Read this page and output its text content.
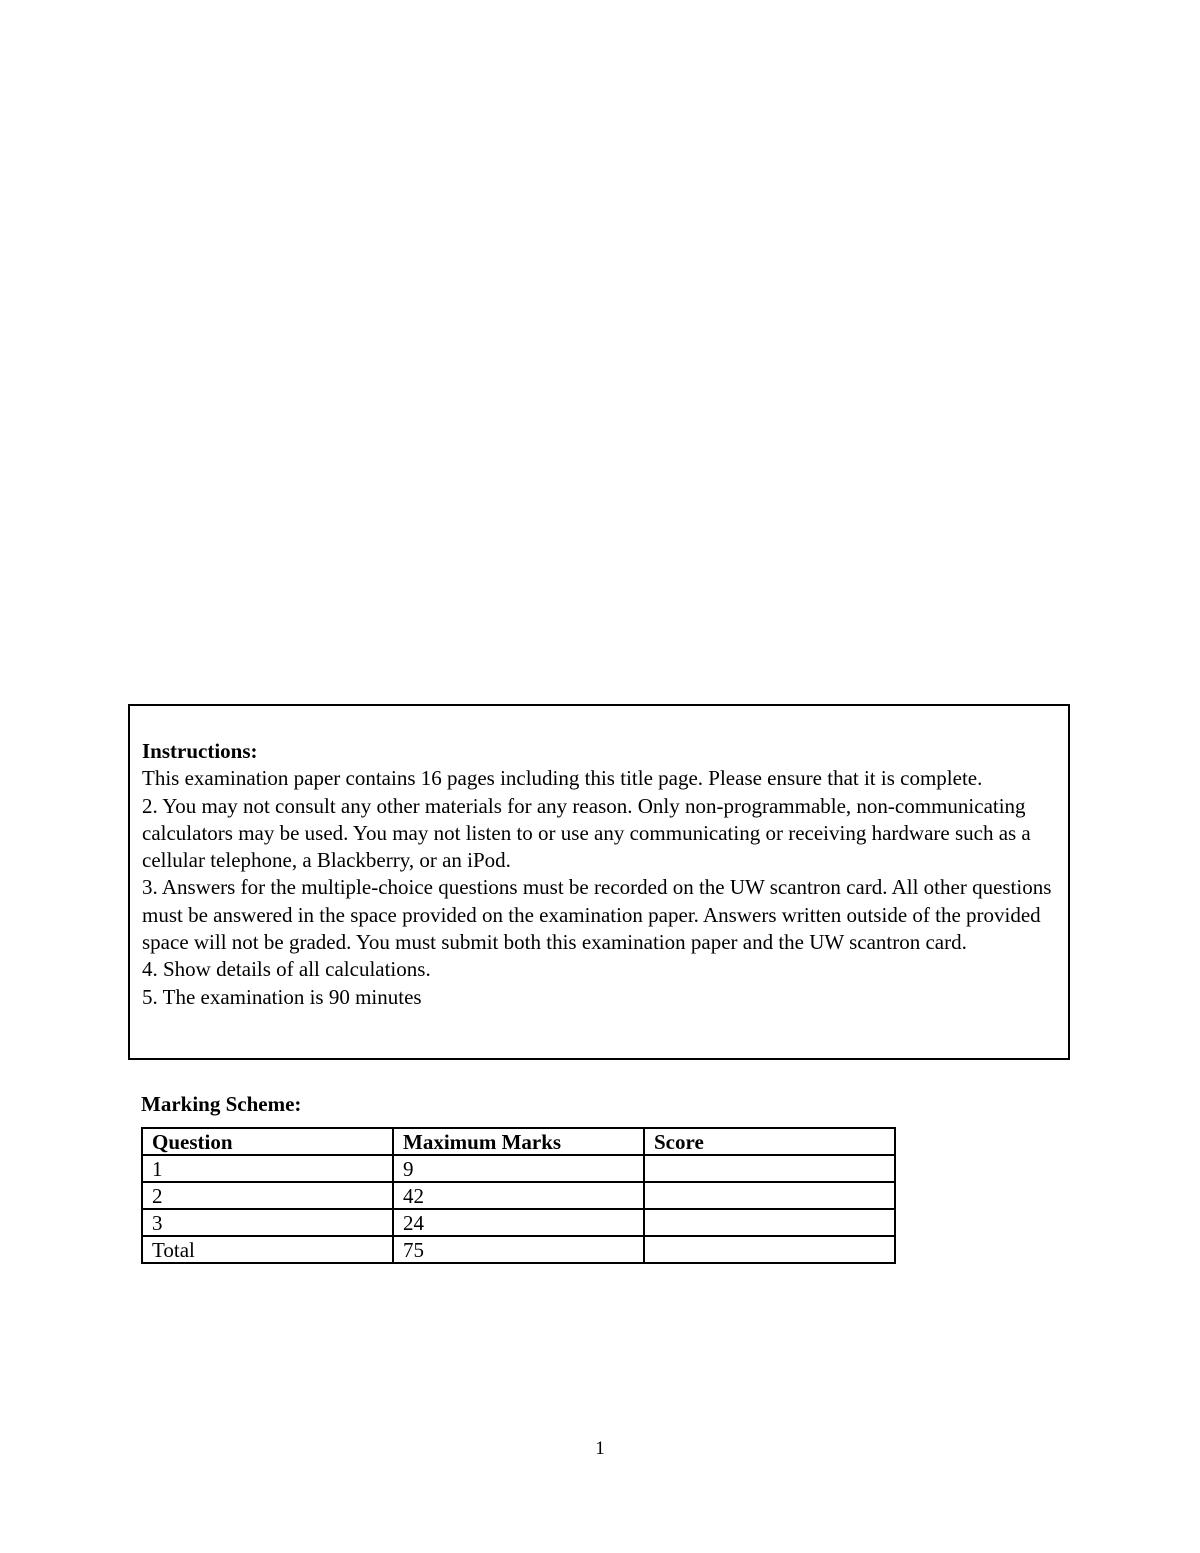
Instructions:
This examination paper contains 16 pages including this title page. Please ensure that it is complete.
2. You may not consult any other materials for any reason. Only non-programmable, non-communicating calculators may be used. You may not listen to or use any communicating or receiving hardware such as a cellular telephone, a Blackberry, or an iPod.
3. Answers for the multiple-choice questions must be recorded on the UW scantron card. All other questions must be answered in the space provided on the examination paper. Answers written outside of the provided space will not be graded. You must submit both this examination paper and the UW scantron card.
4. Show details of all calculations.
5. The examination is 90 minutes
Marking Scheme:
Question	Maximum Marks	Score
1	9	
2	42	
3	24	
Total	75	
1
